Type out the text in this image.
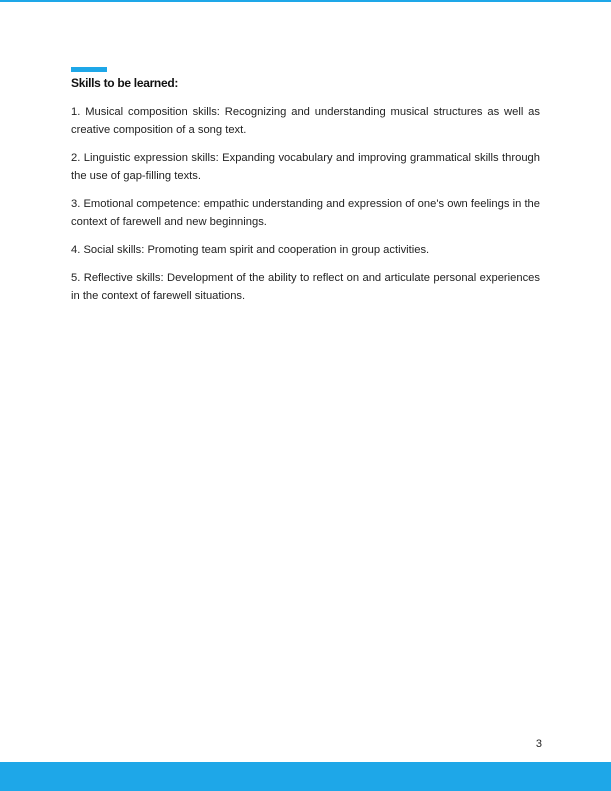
Skills to be learned:

1. Musical composition skills: Recognizing and understanding musical structures as well as creative composition of a song text.

2. Linguistic expression skills: Expanding vocabulary and improving grammatical skills through the use of gap-filling texts.

3. Emotional competence: empathic understanding and expression of one's own feelings in the context of farewell and new beginnings.

4. Social skills: Promoting team spirit and cooperation in group activities.

5. Reflective skills: Development of the ability to reflect on and articulate personal experiences in the context of farewell situations.

3
